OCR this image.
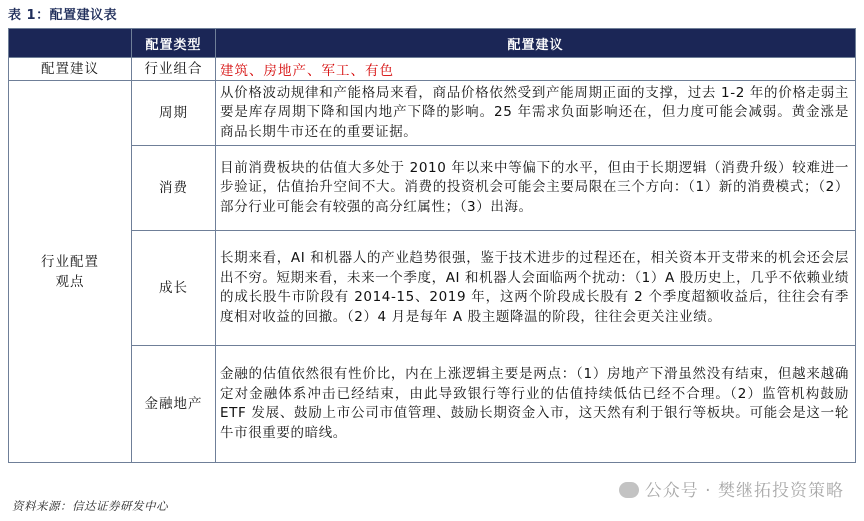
表 1：配置建议表
	配置类型	配置建议
配置建议	行业组合	建筑、房地产、军工、有色
行业配置观点	周期	从价格波动规律和产能格局来看，商品价格依然受到产能周期正面的支撑，过去 1-2 年的价格走弱主要是库存周期下降和国内地产下降的影响。25 年需求负面影响还在，但力度可能会减弱。黄金涨是商品长期牛市还在的重要证据。
	消费	目前消费板块的估值大多处于 2010 年以来中等偏下的水平，但由于长期逻辑（消费升级）较难进一步验证，估值抬升空间不大。消费的投资机会可能会主要局限在三个方向：（1）新的消费模式；（2）部分行业可能会有较强的高分红属性；（3）出海。
	成长	长期来看，AI 和机器人的产业趋势很强，鉴于技术进步的过程还在，相关资本开支带来的机会还会层出不穷。短期来看，未来一个季度，AI 和机器人会面临两个扰动：（1）A 股历史上，几乎不依赖业绩的成长股牛市阶段有 2014-15、2019 年，这两个阶段成长股有 2 个季度超额收益后，往往会有季度相对收益的回撤。（2）4 月是每年 A 股主题降温的阶段，往往会更关注业绩。
	金融地产	金融的估值依然很有性价比，内在上涨逻辑主要是两点：（1）房地产下滑虽然没有结束，但越来越确定对金融体系冲击已经结束，由此导致银行等行业的估值持续低估已经不合理。（2）监管机构鼓励 ETF 发展、鼓励上市公司市值管理、鼓励长期资金入市，这天然有利于银行等板块。可能会是这一轮牛市很重要的暗线。
资料来源：信达证券研发中心
公众号 · 樊继拓投资策略
